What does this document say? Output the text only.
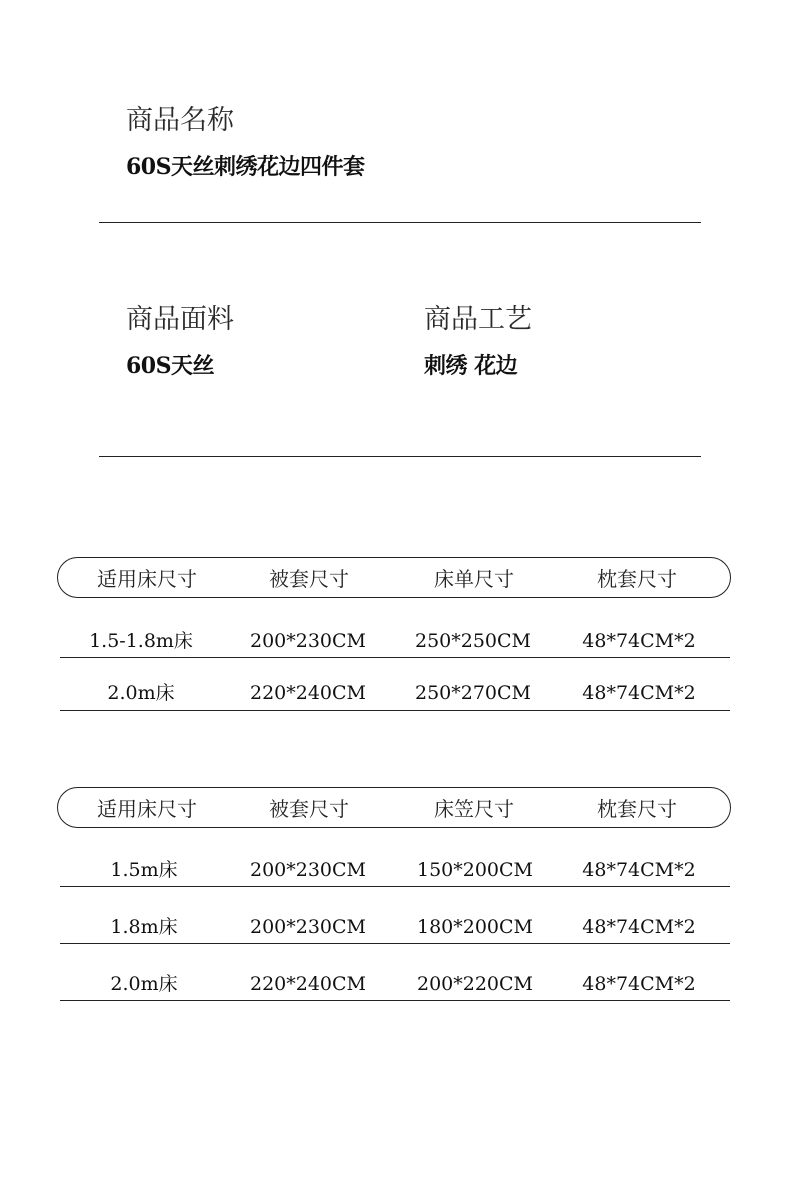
商品名称
60S天丝刺绣花边四件套
商品面料
60S天丝
商品工艺
刺绣 花边
适用床尺寸	被套尺寸	床单尺寸	枕套尺寸
1.5-1.8m床	200*230CM	250*250CM	48*74CM*2
2.0m床	220*240CM	250*270CM	48*74CM*2
适用床尺寸	被套尺寸	床笠尺寸	枕套尺寸
1.5m床	200*230CM	150*200CM	48*74CM*2
1.8m床	200*230CM	180*200CM	48*74CM*2
2.0m床	220*240CM	200*220CM	48*74CM*2
